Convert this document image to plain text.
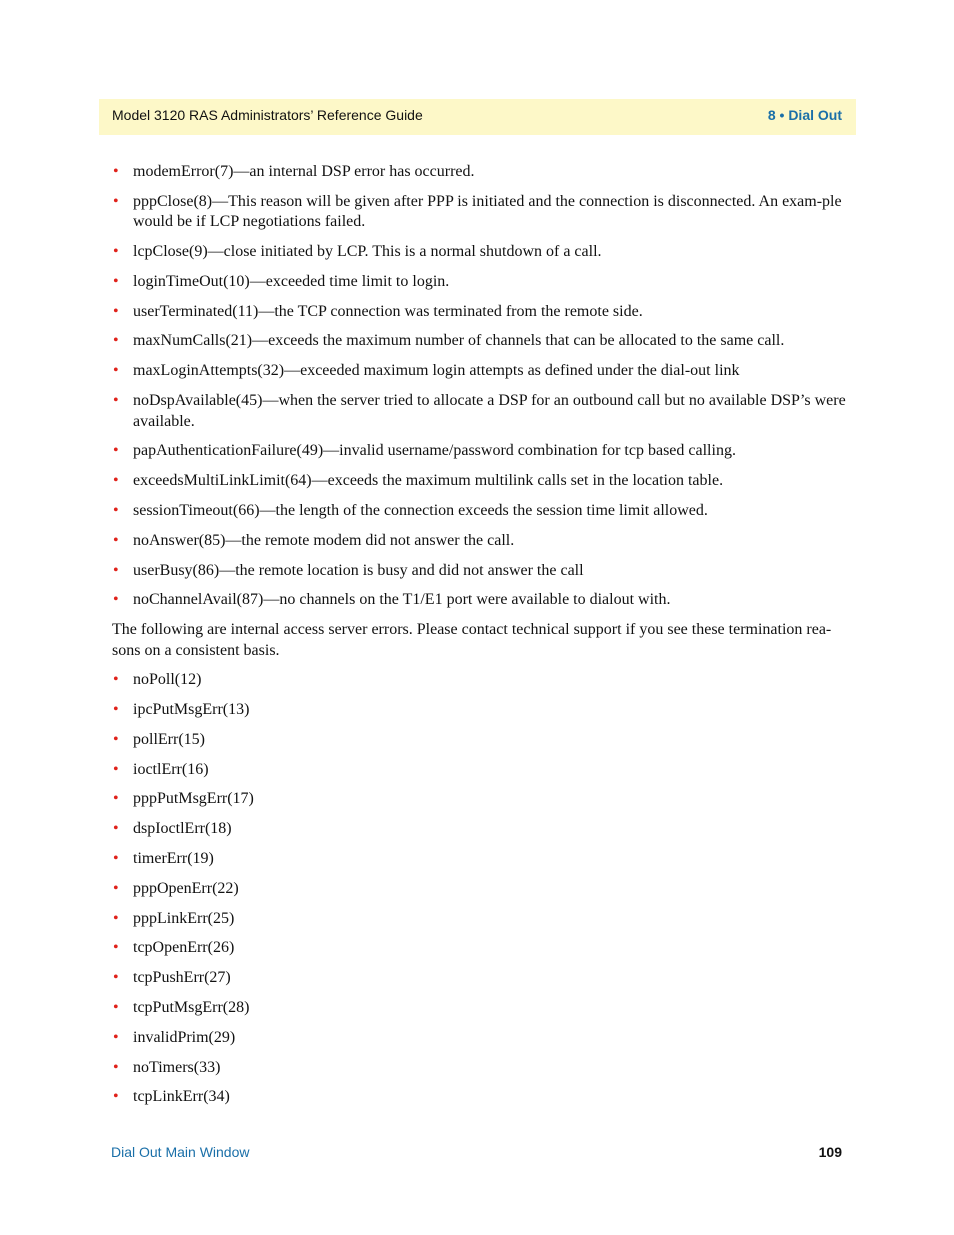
Model 3120 RAS Administrators’ Reference Guide	8 • Dial Out
• modemError(7)—an internal DSP error has occurred.
• pppClose(8)—This reason will be given after PPP is initiated and the connection is disconnected. An exam-ple would be if LCP negotiations failed.
• lcpClose(9)—close initiated by LCP. This is a normal shutdown of a call.
• loginTimeOut(10)—exceeded time limit to login.
• userTerminated(11)—the TCP connection was terminated from the remote side.
• maxNumCalls(21)—exceeds the maximum number of channels that can be allocated to the same call.
• maxLoginAttempts(32)—exceeded maximum login attempts as defined under the dial-out link
• noDspAvailable(45)—when the server tried to allocate a DSP for an outbound call but no available DSP’s were available.
• papAuthenticationFailure(49)—invalid username/password combination for tcp based calling.
• exceedsMultiLinkLimit(64)—exceeds the maximum multilink calls set in the location table.
• sessionTimeout(66)—the length of the connection exceeds the session time limit allowed.
• noAnswer(85)—the remote modem did not answer the call.
• userBusy(86)—the remote location is busy and did not answer the call
• noChannelAvail(87)—no channels on the T1/E1 port were available to dialout with.

The following are internal access server errors. Please contact technical support if you see these termination rea-sons on a consistent basis.

• noPoll(12)
• ipcPutMsgErr(13)
• pollErr(15)
• ioctlErr(16)
• pppPutMsgErr(17)
• dspIoctlErr(18)
• timerErr(19)
• pppOpenErr(22)
• pppLinkErr(25)
• tcpOpenErr(26)
• tcpPushErr(27)
• tcpPutMsgErr(28)
• invalidPrim(29)
• noTimers(33)
• tcpLinkErr(34)
Dial Out Main Window	109
